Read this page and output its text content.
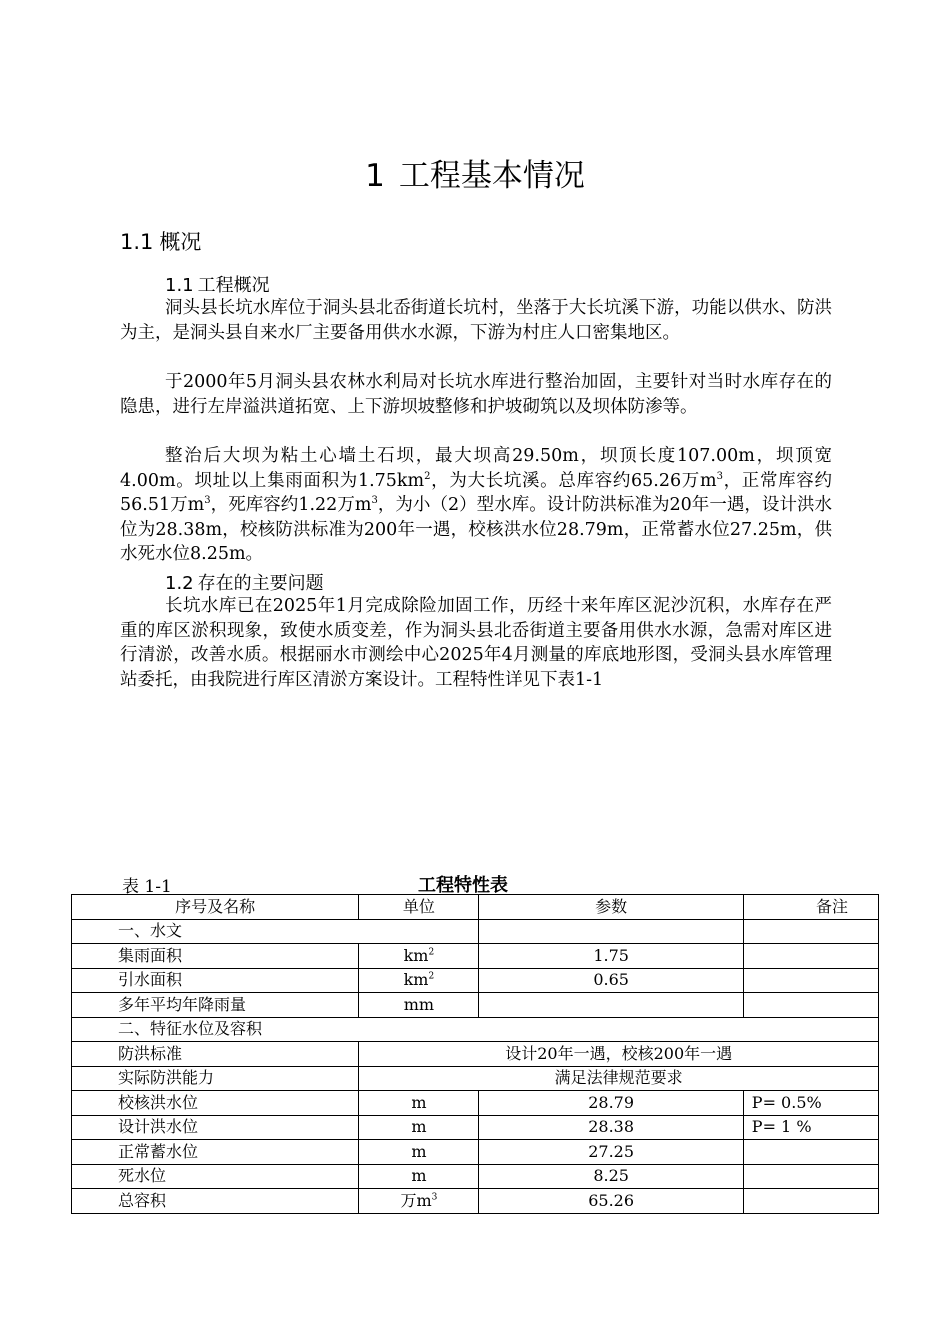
1 工程基本情况
1.1 概况
1.1 工程概况

洞头县长坑水库位于洞头县北岙街道长坑村，坐落于大长坑溪下游，功能以供水、防洪为主，是洞头县自来水厂主要备用供水水源，下游为村庄人口密集地区。

于2000年5月洞头县农林水利局对长坑水库进行整治加固，主要针对当时水库存在的隐患，进行左岸溢洪道拓宽、上下游坝坡整修和护坡砌筑以及坝体防渗等。

整治后大坝为粘土心墙土石坝，最大坝高29.50m，坝顶长度107.00m，坝顶宽4.00m。坝址以上集雨面积为$1.75km^2$，为大长坑溪。总库容约65.26万$m^3$，正常库容约56.51万$m^3$，死库容约1.22万$m^3$，为小（2）型水库。设计防洪标准为20年一遇，设计洪水位为28.38m，校核防洪标准为200年一遇，校核洪水位28.79m，正常蓄水位27.25m，供水死水位8.25m。

1.2 存在的主要问题

长坑水库已在2025年1月完成除险加固工作，历经十来年库区泥沙沉积，水库存在严重的库区淤积现象，致使水质变差，作为洞头县北岙街道主要备用供水水源，急需对库区进行清淤，改善水质。根据丽水市测绘中心2025年4月测量的库底地形图，受洞头县水库管理站委托，由我院进行库区清淤方案设计。工程特性详见下表1-1

表 1-1	工程特性表
序号及名称	单位	参数	备注
一、水文			
集雨面积	$km^2$	1.75	
引水面积	$km^2$	0.65	
多年平均年降雨量	mm		
二、特征水位及容积			
防洪标准	设计20年一遇，校核200年一遇		
实际防洪能力	满足法律规范要求		
校核洪水位	m	28.79	P= 0.5%
设计洪水位	m	28.38	P= 1 %
正常蓄水位	m	27.25	
死水位	m	8.25	
总容积	万$m^3$	65.26	
